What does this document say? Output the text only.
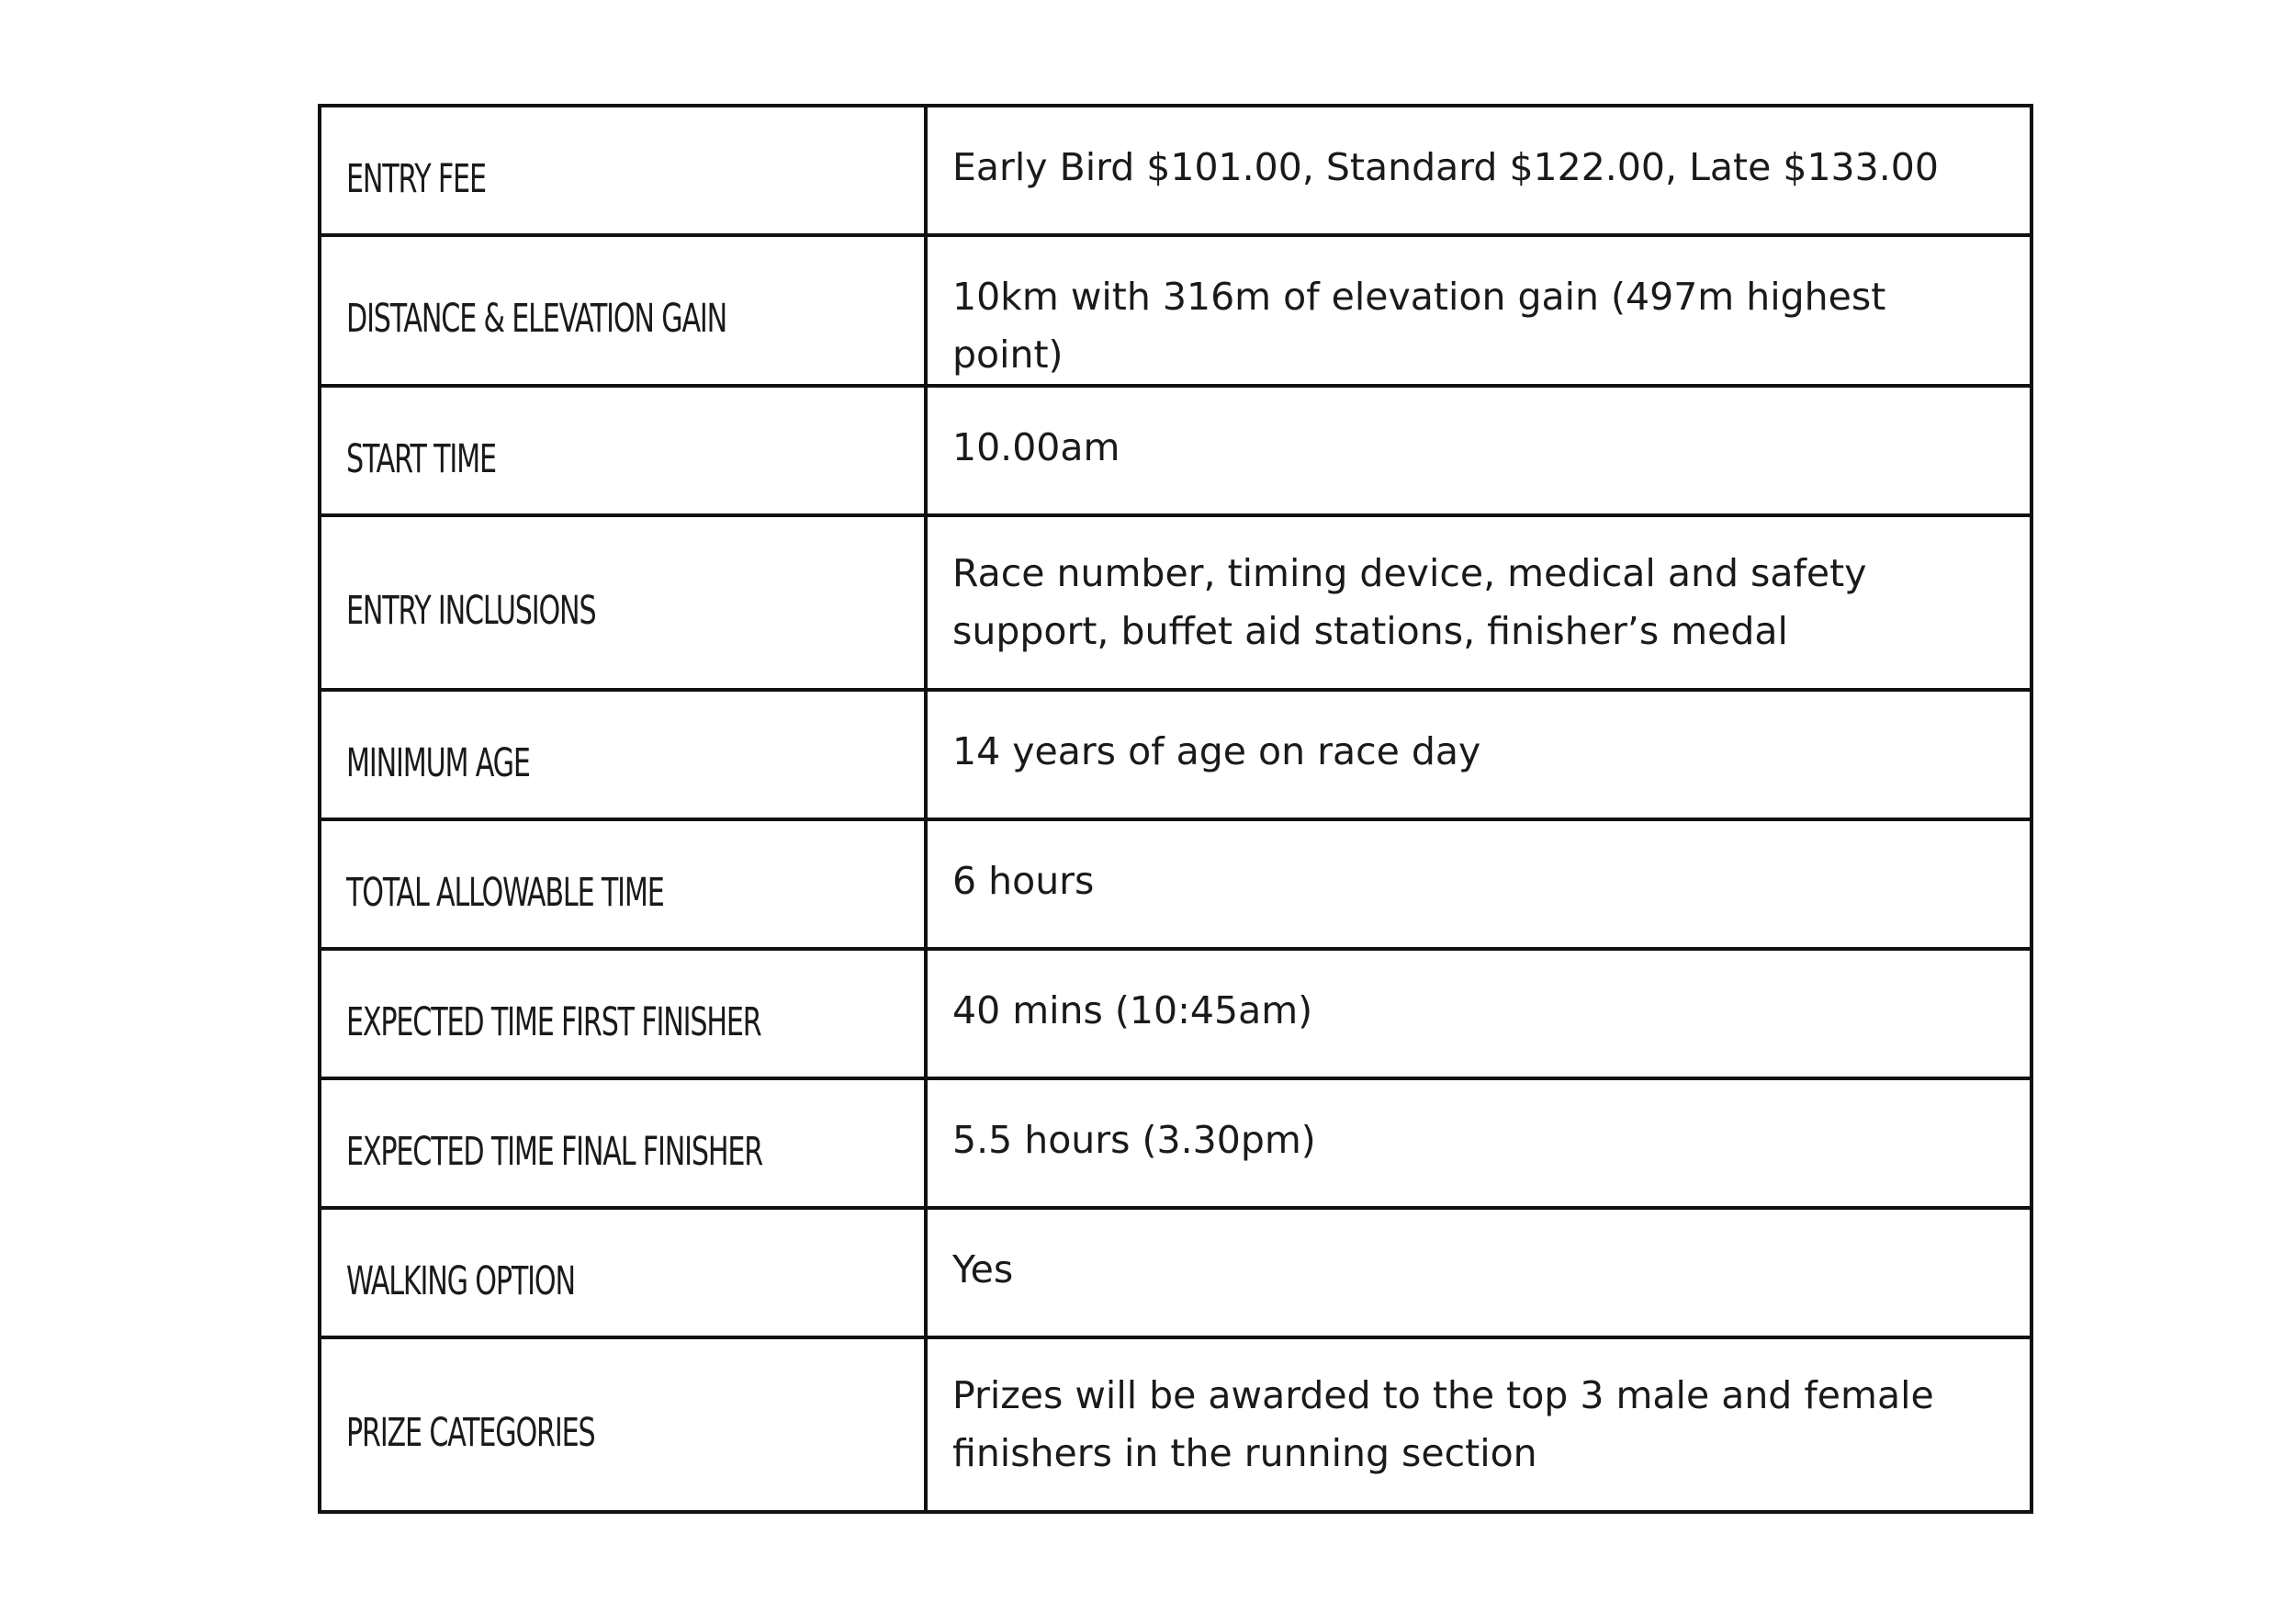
ENTRY FEE	Early Bird $101.00, Standard $122.00, Late $133.00
DISTANCE & ELEVATION GAIN	10km with 316m of elevation gain (497m highest point)
START TIME	10.00am
ENTRY INCLUSIONS	Race number, timing device, medical and safety support, buffet aid stations, finisher’s medal
MINIMUM AGE	14 years of age on race day
TOTAL ALLOWABLE TIME	6 hours
EXPECTED TIME FIRST FINISHER	40 mins (10:45am)
EXPECTED TIME FINAL FINISHER	5.5 hours (3.30pm)
WALKING OPTION	Yes
PRIZE CATEGORIES	Prizes will be awarded to the top 3 male and female finishers in the running section
